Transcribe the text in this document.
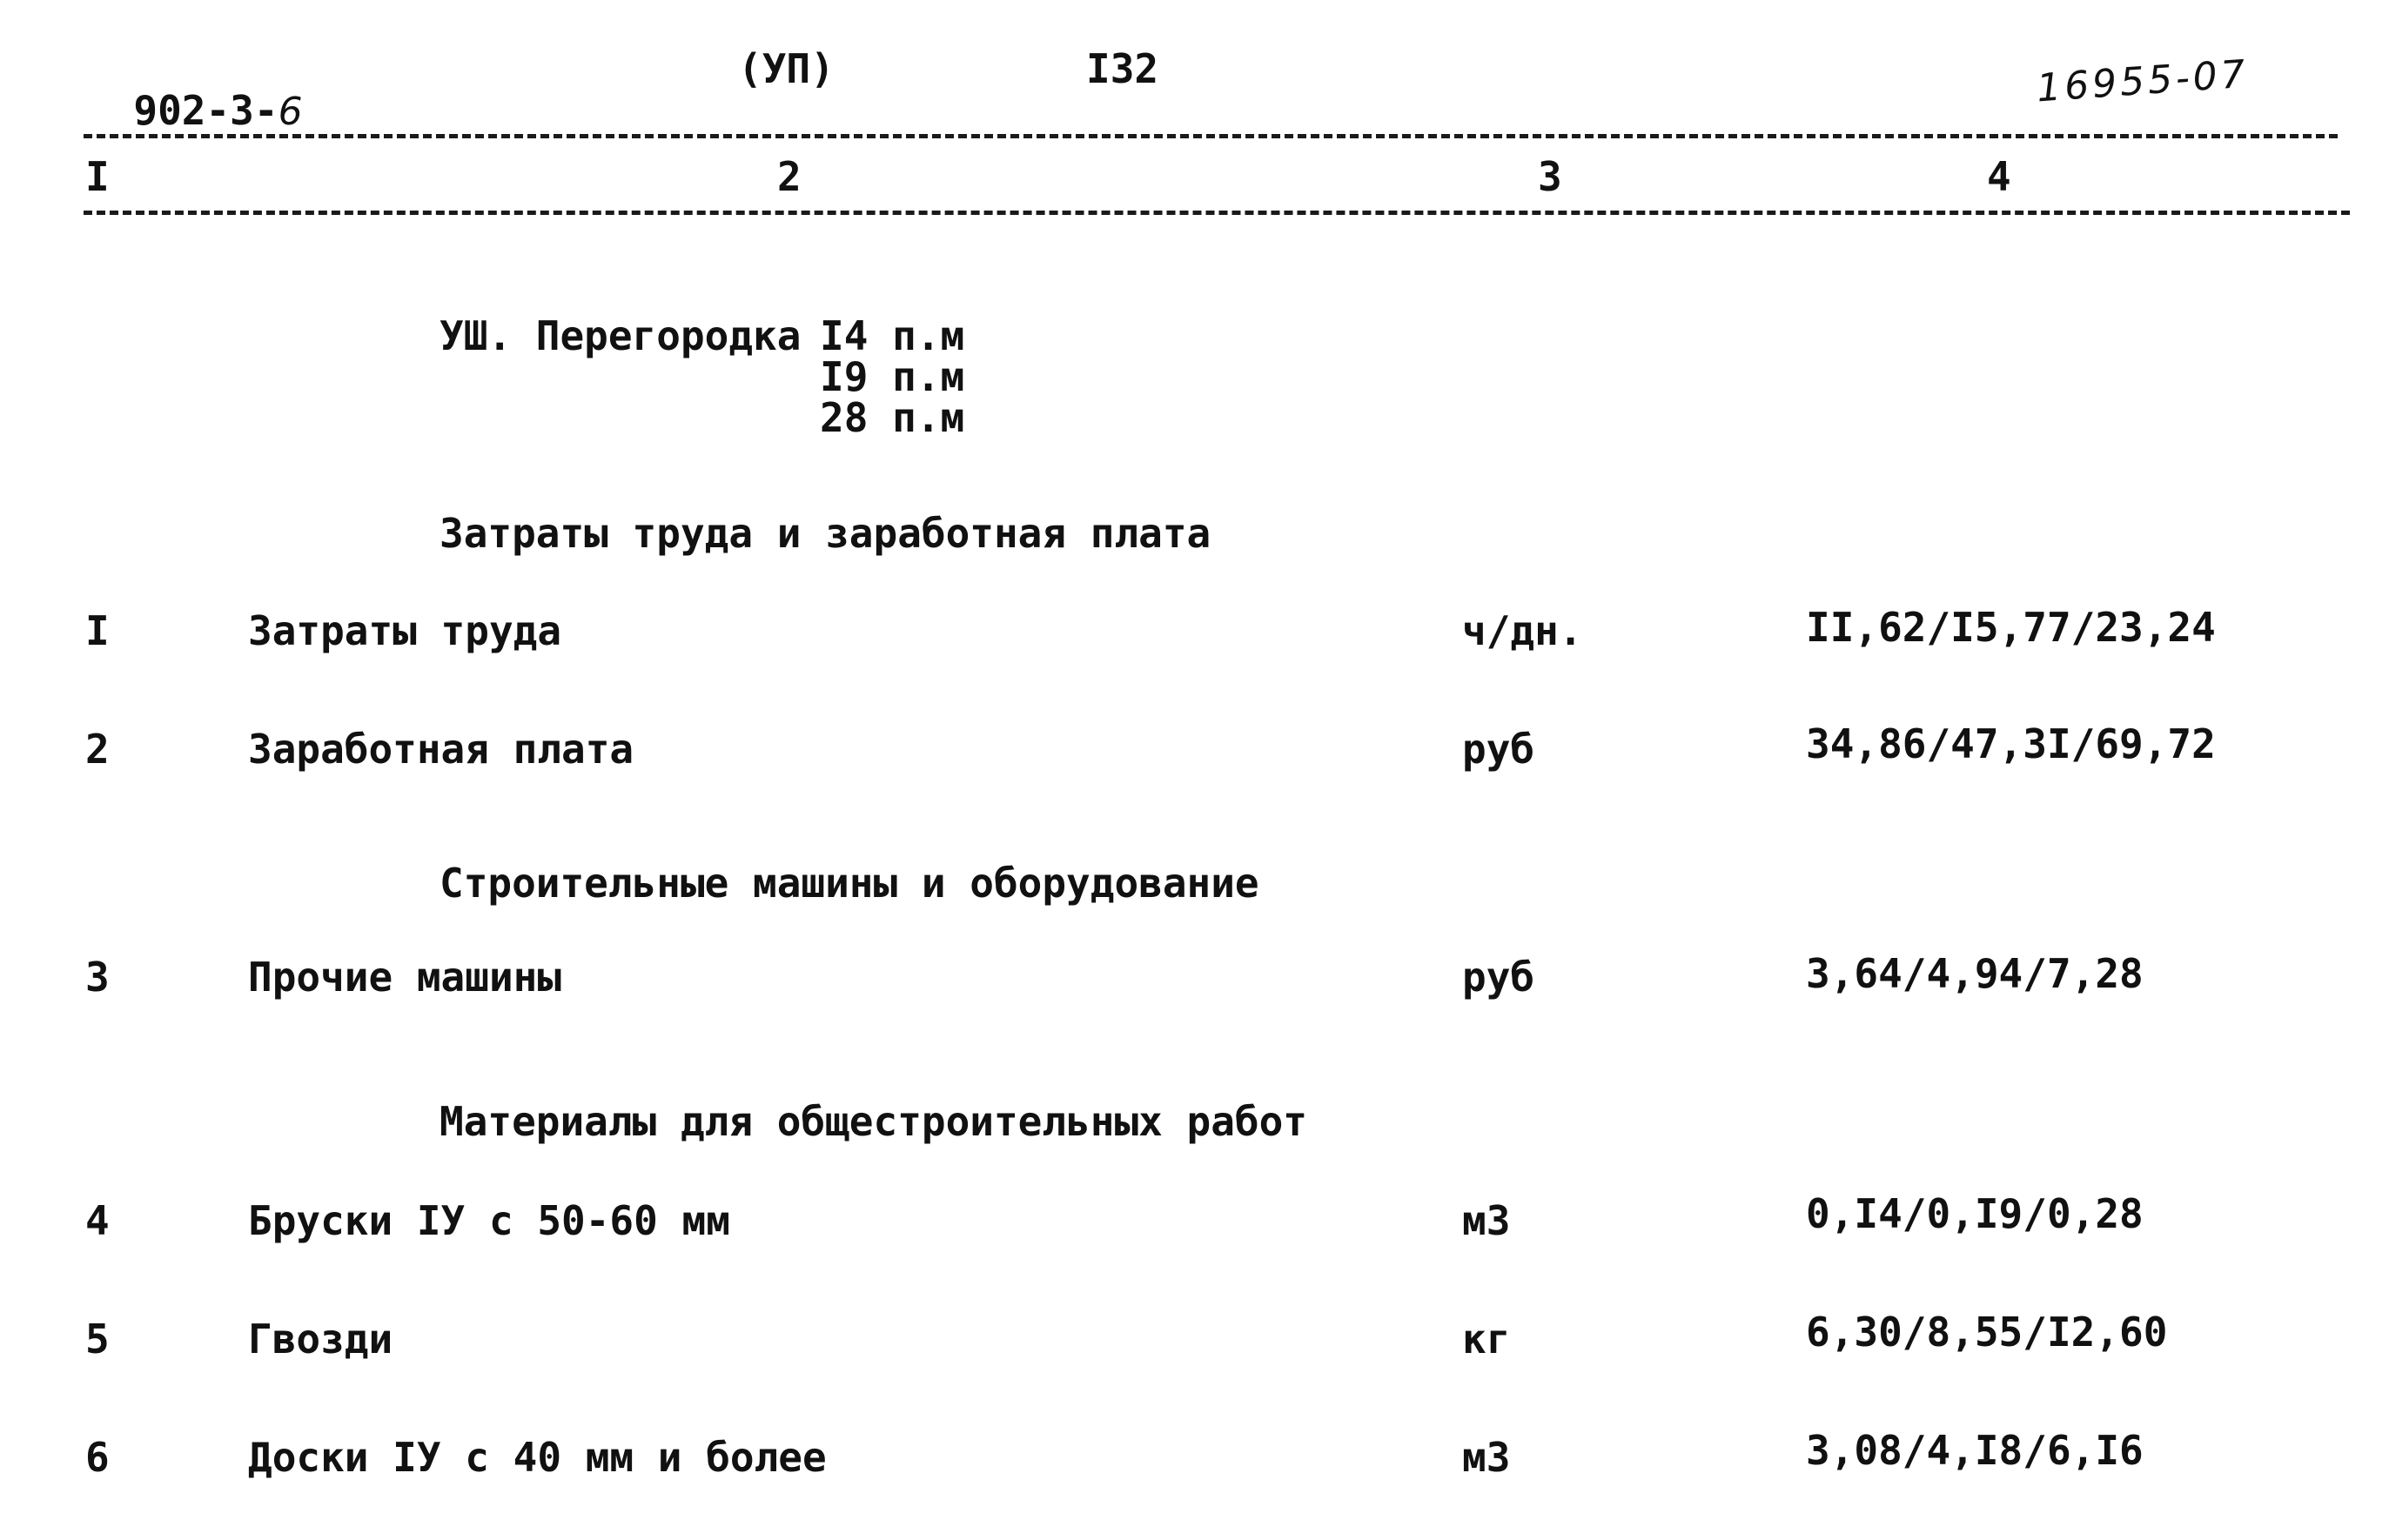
902-3-6

(УП)	I32	16955-07
I	2	3	4
УШ. Перегородка I4 п.м
I9 п.м
28 п.м
Затраты труда и заработная плата
I	Затраты труда	ч/дн.	II,62/I5,77/23,24
2	Заработная плата	руб	34,86/47,3I/69,72
Строительные машины и оборудование
3	Прочие машины	руб	3,64/4,94/7,28
Материалы для общестроительных работ
4	Бруски IУ с 50-60 мм	м3	0,I4/0,I9/0,28
5	Гвозди	кг	6,30/8,55/I2,60
6	Доски IУ с 40 мм и более	м3	3,08/4,I8/6,I6
